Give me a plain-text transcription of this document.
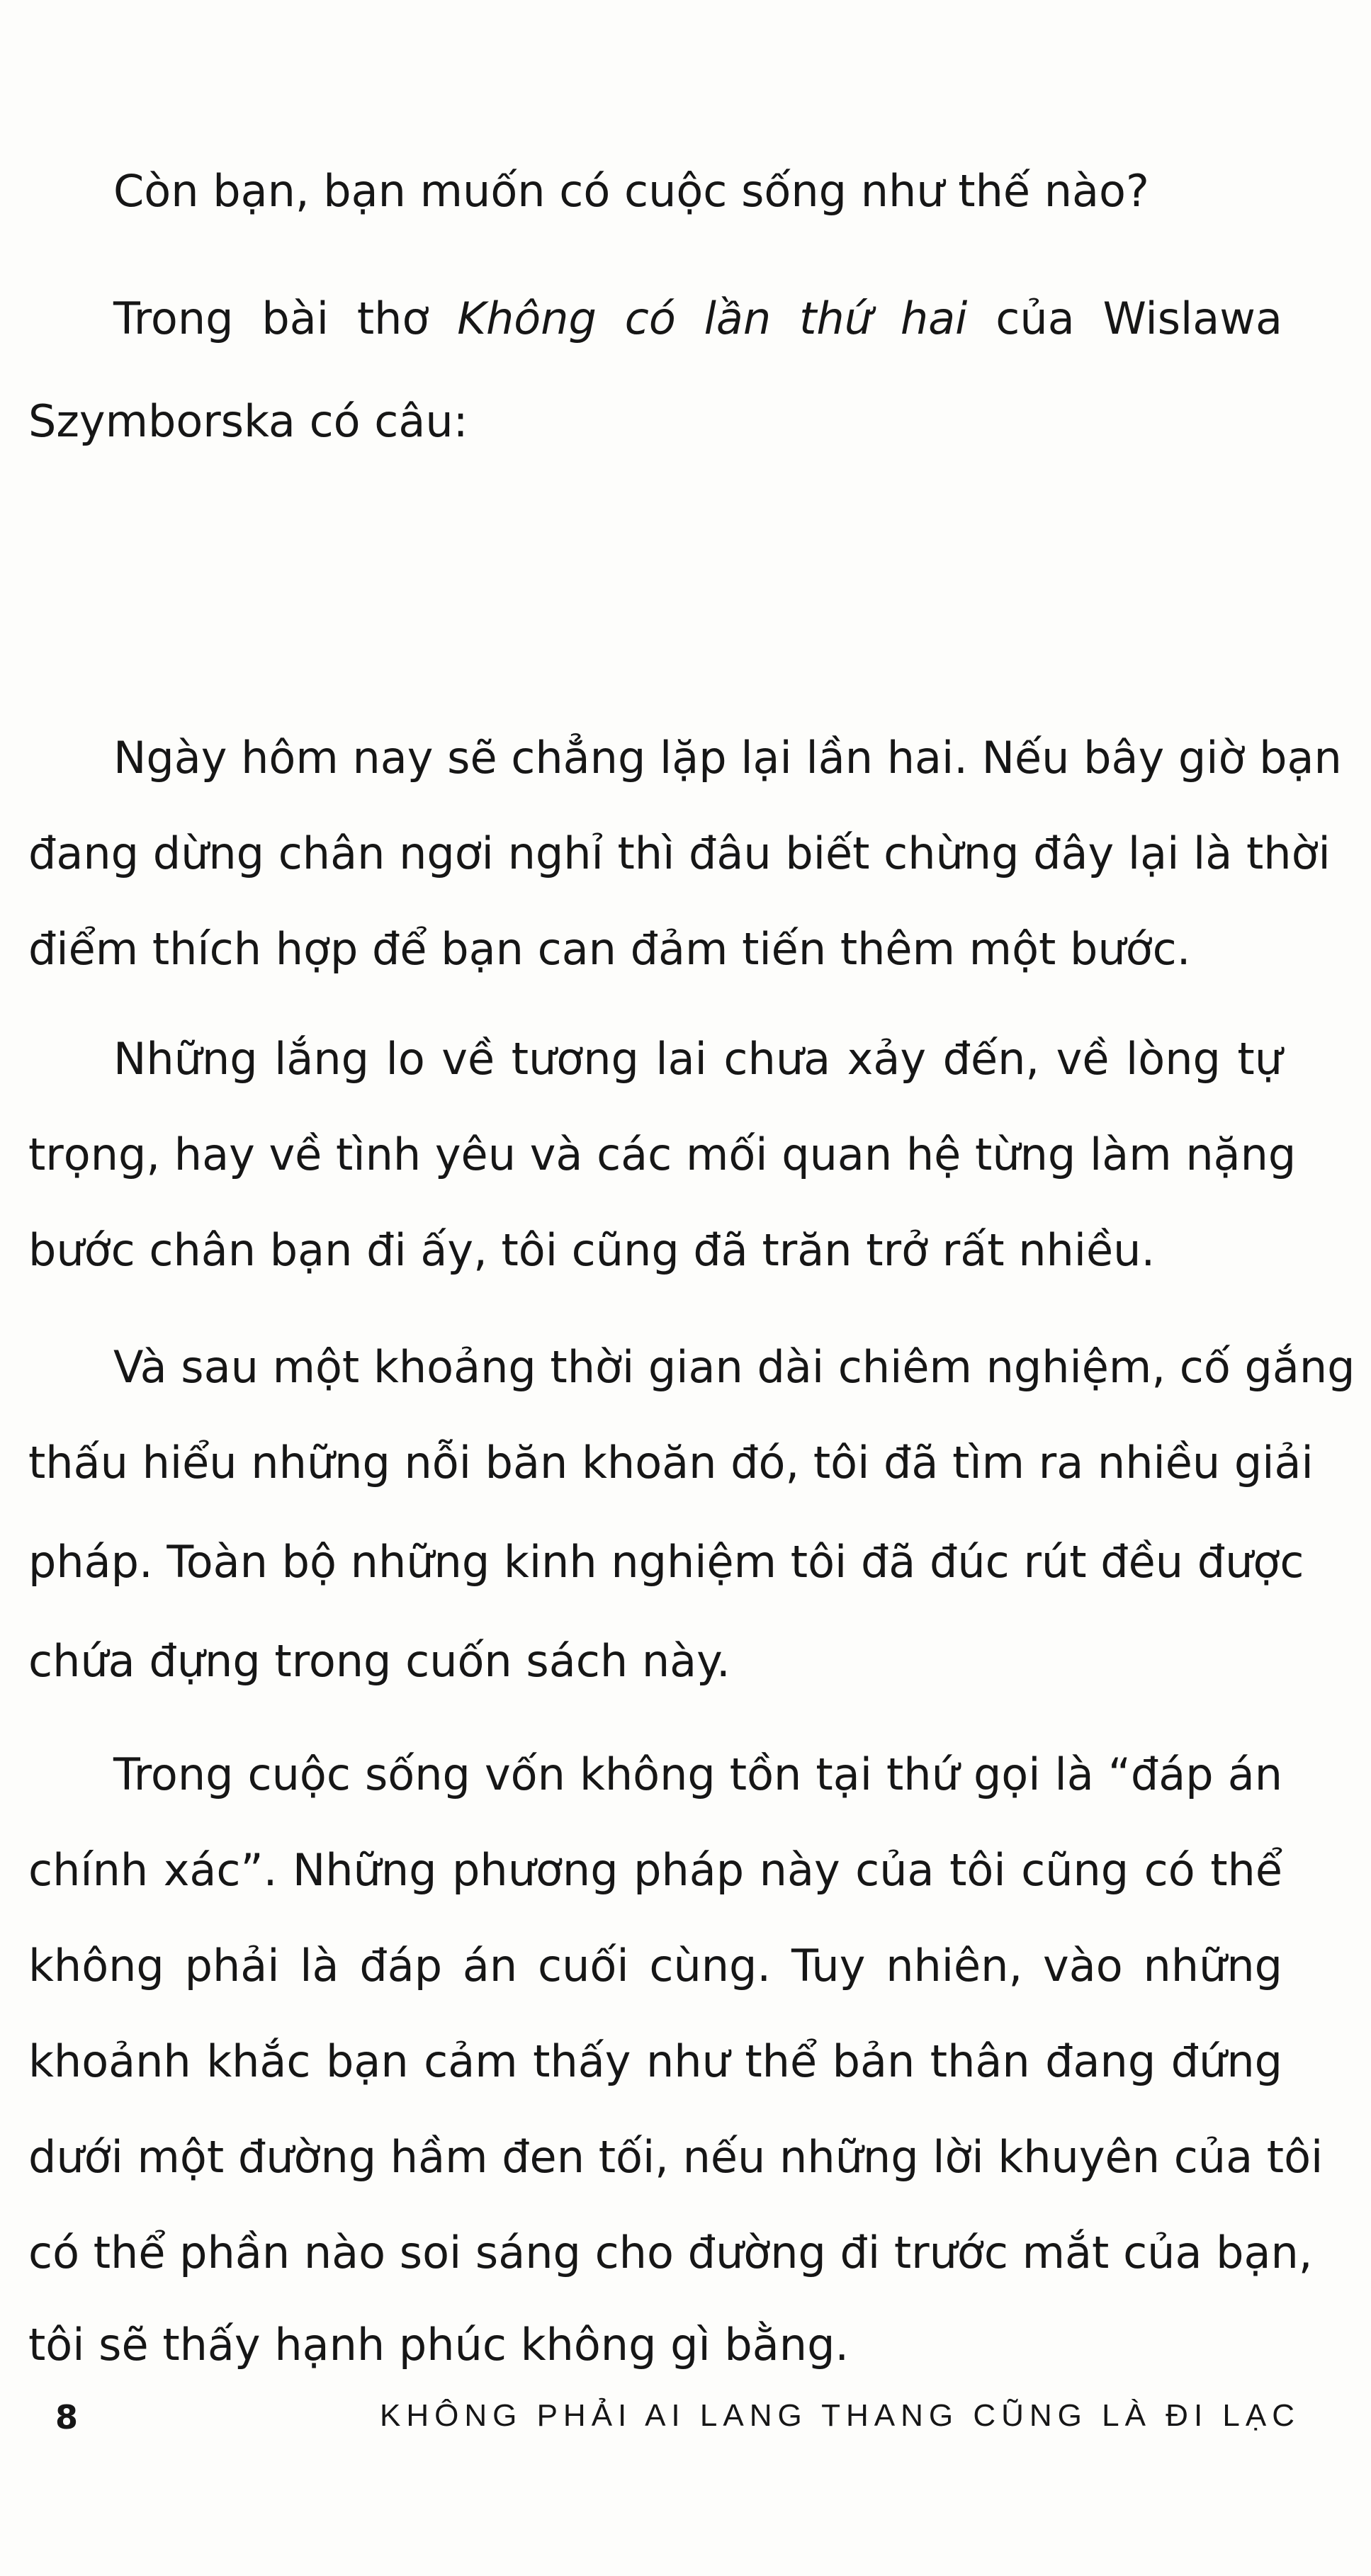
Còn bạn, bạn muốn có cuộc sống như thế nào?
Trong bài thơ Không có lần thứ hai của Wislawa
Szymborska có câu:
Ngày hôm nay sẽ chẳng lặp lại lần hai. Nếu bây giờ bạn
đang dừng chân ngơi nghỉ thì đâu biết chừng đây lại là thời
điểm thích hợp để bạn can đảm tiến thêm một bước.
Những lắng lo về tương lai chưa xảy đến, về lòng tự
trọng, hay về tình yêu và các mối quan hệ từng làm nặng
bước chân bạn đi ấy, tôi cũng đã trăn trở rất nhiều.
Và sau một khoảng thời gian dài chiêm nghiệm, cố gắng
thấu hiểu những nỗi băn khoăn đó, tôi đã tìm ra nhiều giải
pháp. Toàn bộ những kinh nghiệm tôi đã đúc rút đều được
chứa đựng trong cuốn sách này.
Trong cuộc sống vốn không tồn tại thứ gọi là “đáp án
chính xác”. Những phương pháp này của tôi cũng có thể
không phải là đáp án cuối cùng. Tuy nhiên, vào những
khoảnh khắc bạn cảm thấy như thể bản thân đang đứng
dưới một đường hầm đen tối, nếu những lời khuyên của tôi
có thể phần nào soi sáng cho đường đi trước mắt của bạn,
tôi sẽ thấy hạnh phúc không gì bằng.
8	KHÔNG PHẢI AI LANG THANG CŨNG LÀ ĐI LẠC
